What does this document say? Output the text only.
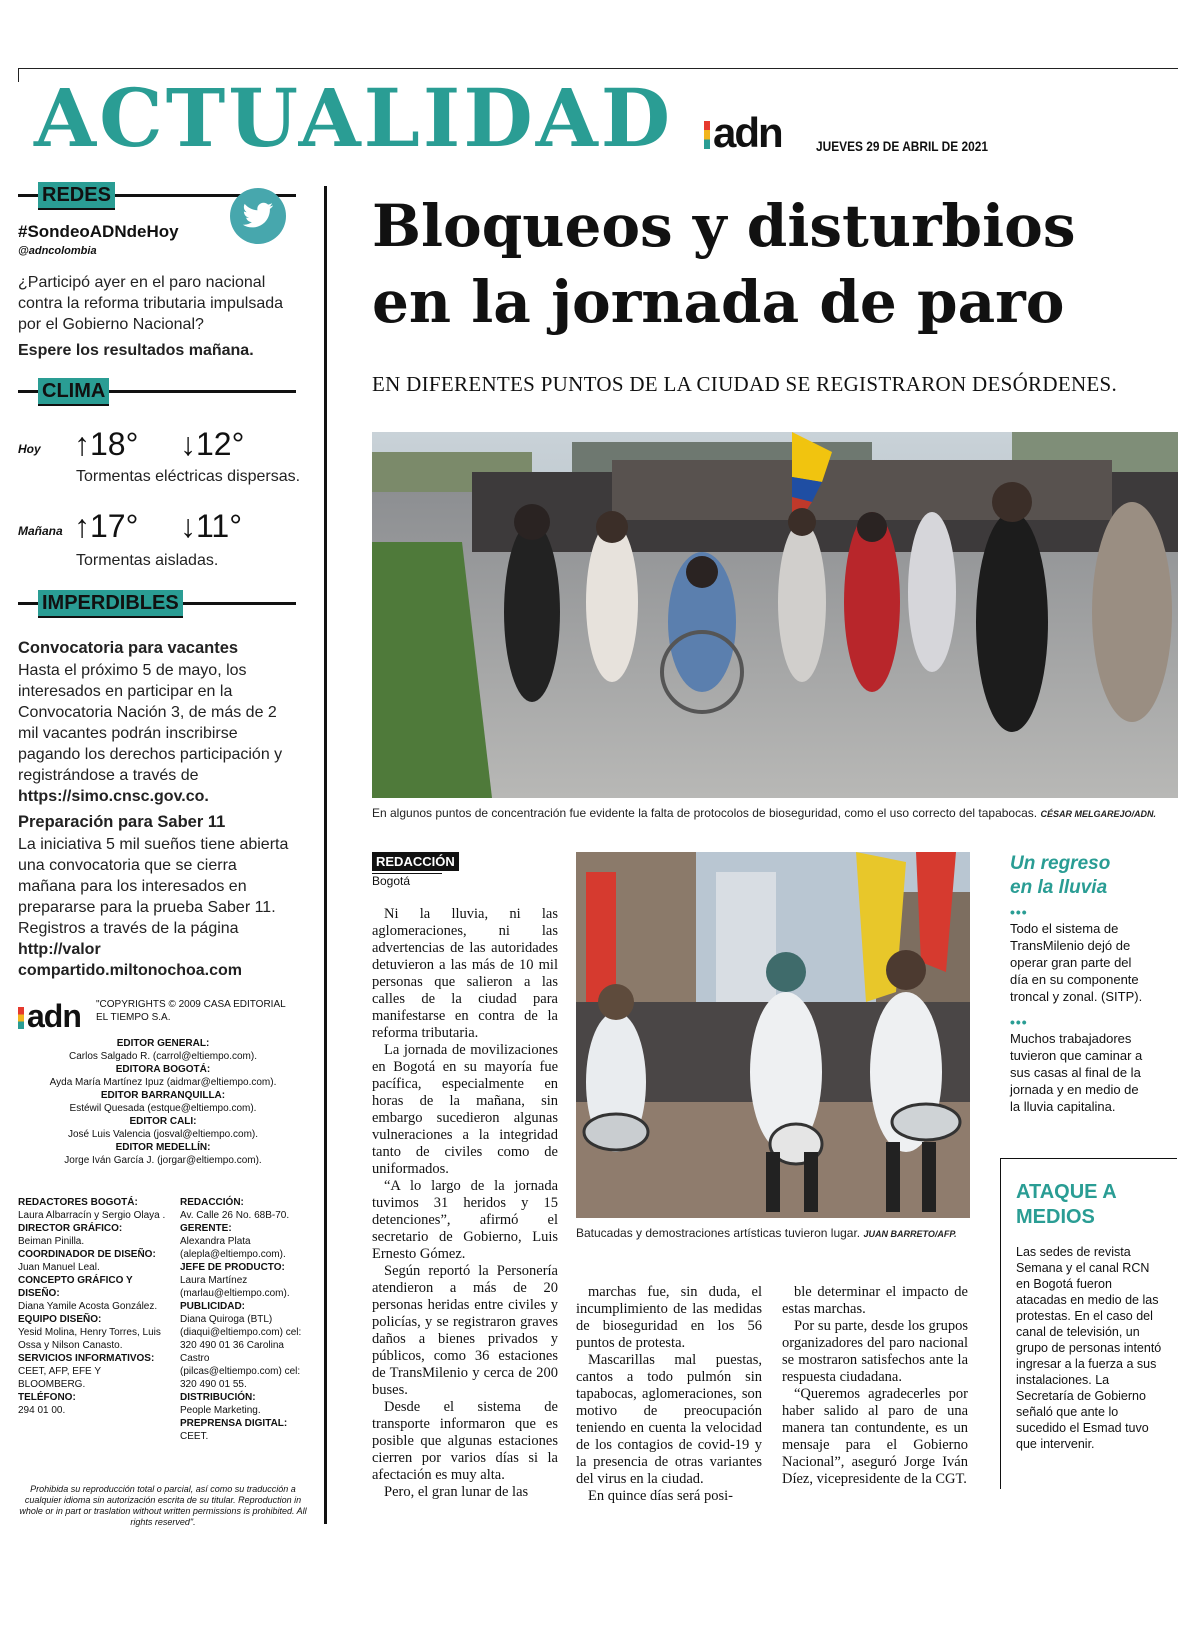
ACTUALIDAD adn JUEVES 29 DE ABRIL DE 2021
REDES
#SondeoADNdeHoy
@adncolombia
¿Participó ayer en el paro nacional contra la reforma tributaria impulsada por el Gobierno Nacional?
Espere los resultados mañana.
CLIMA
Hoy ↑18° ↓12°
Tormentas eléctricas dispersas.
Mañana ↑17° ↓11°
Tormentas aisladas.
IMPERDIBLES
Convocatoria para vacantes
Hasta el próximo 5 de mayo, los interesados en participar en la Convocatoria Nación 3, de más de 2 mil vacantes podrán inscribirse pagando los derechos participación y registrándose a través de https://simo.cnsc.gov.co.
Preparación para Saber 11
La iniciativa 5 mil sueños tiene abierta una convocatoria que se cierra mañana para los interesados en prepararse para la prueba Saber 11. Registros a través de la página http://valor compartido.miltonochoa.com
adn "COPYRIGHTS © 2009 CASA EDITORIAL EL TIEMPO S.A.
EDITOR GENERAL:
Carlos Salgado R. (carrol@eltiempo.com).
EDITORA BOGOTÁ:
Ayda María Martínez Ipuz (aidmar@eltiempo.com).
EDITOR BARRANQUILLA:
Estéwil Quesada (estque@eltiempo.com).
EDITOR CALI:
José Luis Valencia (josval@eltiempo.com).
EDITOR MEDELLÍN:
Jorge Iván García J. (jorgar@eltiempo.com).
REDACTORES BOGOTÁ:
Laura Albarracín y Sergio Olaya .
DIRECTOR GRÁFICO:
Beiman Pinilla.
COORDINADOR DE DISEÑO:
Juan Manuel Leal.
CONCEPTO GRÁFICO Y DISEÑO:
Diana Yamile Acosta González.
EQUIPO DISEÑO:
Yesid Molina, Henry Torres, Luis Ossa y Nilson Canasto.
SERVICIOS INFORMATIVOS:
CEET, AFP, EFE Y BLOOMBERG.
TELÉFONO:
294 01 00.
REDACCIÓN:
Av. Calle 26 No. 68B-70.
GERENTE:
Alexandra Plata (alepla@eltiempo.com).
JEFE DE PRODUCTO:
Laura Martínez (marlau@eltiempo.com).
PUBLICIDAD:
Diana Quiroga (BTL) (diaqui@eltiempo.com) cel: 320 490 01 36 Carolina Castro (pilcas@eltiempo.com) cel: 320 490 01 55.
DISTRIBUCIÓN:
People Marketing.
PREPRENSA DIGITAL:
CEET.
Prohibida su reproducción total o parcial, así como su traducción a cualquier idioma sin autorización escrita de su titular. Reproduction in whole or in part or traslation without written permissions is prohibited. All rights reserved".
Bloqueos y disturbios
en la jornada de paro
EN DIFERENTES PUNTOS DE LA CIUDAD SE REGISTRARON DESÓRDENES.
En algunos puntos de concentración fue evidente la falta de protocolos de bioseguridad, como el uso correcto del tapabocas. CÉSAR MELGAREJO/ADN.
REDACCIÓN
Bogotá

Ni la lluvia, ni las aglomeraciones, ni las advertencias de las autoridades detuvieron a las más de 10 mil personas que salieron a las calles de la ciudad para manifestarse en contra de la reforma tributaria.

La jornada de movilizaciones en Bogotá en su mayoría fue pacífica, especialmente en horas de la mañana, sin embargo sucedieron algunas vulneraciones a la integridad tanto de civiles como de uniformados.

“A lo largo de la jornada tuvimos 31 heridos y 15 detenciones”, afirmó el secretario de Gobierno, Luis Ernesto Gómez.

Según reportó la Personería atendieron a más de 20 personas heridas entre civiles y policías, y se registraron graves daños a bienes privados y públicos, como 36 estaciones de TransMilenio y cerca de 200 buses.

Desde el sistema de transporte informaron que es posible que algunas estaciones cierren por varios días si la afectación es muy alta.

Pero, el gran lunar de las

Batucadas y demostraciones artísticas tuvieron lugar. JUAN BARRETO/AFP.

marchas fue, sin duda, el incumplimiento de las medidas de bioseguridad en los 56 puntos de protesta.

Mascarillas mal puestas, cantos a todo pulmón sin tapabocas, aglomeraciones, son motivo de preocupación teniendo en cuenta la velocidad de los contagios de covid-19 y la presencia de otras variantes del virus en la ciudad.

En quince días será posi-

ble determinar el impacto de estas marchas.

Por su parte, desde los grupos organizadores del paro nacional se mostraron satisfechos ante la respuesta ciudadana.

“Queremos agradecerles por haber salido al paro de una manera tan contundente, es un mensaje para el Gobierno Nacional”, aseguró Jorge Iván Díez, vicepresidente de la CGT.

Un regreso
en la lluvia
•••
Todo el sistema de TransMilenio dejó de operar gran parte del día en su componente troncal y zonal. (SITP).
•••
Muchos trabajadores tuvieron que caminar a sus casas al final de la jornada y en medio de la lluvia capitalina.
ATAQUE A
MEDIOS
Las sedes de revista Semana y el canal RCN en Bogotá fueron atacadas en medio de las protestas. En el caso del canal de televisión, un grupo de personas intentó ingresar a la fuerza a sus instalaciones. La Secretaría de Gobierno señaló que ante lo sucedido el Esmad tuvo que intervenir.
